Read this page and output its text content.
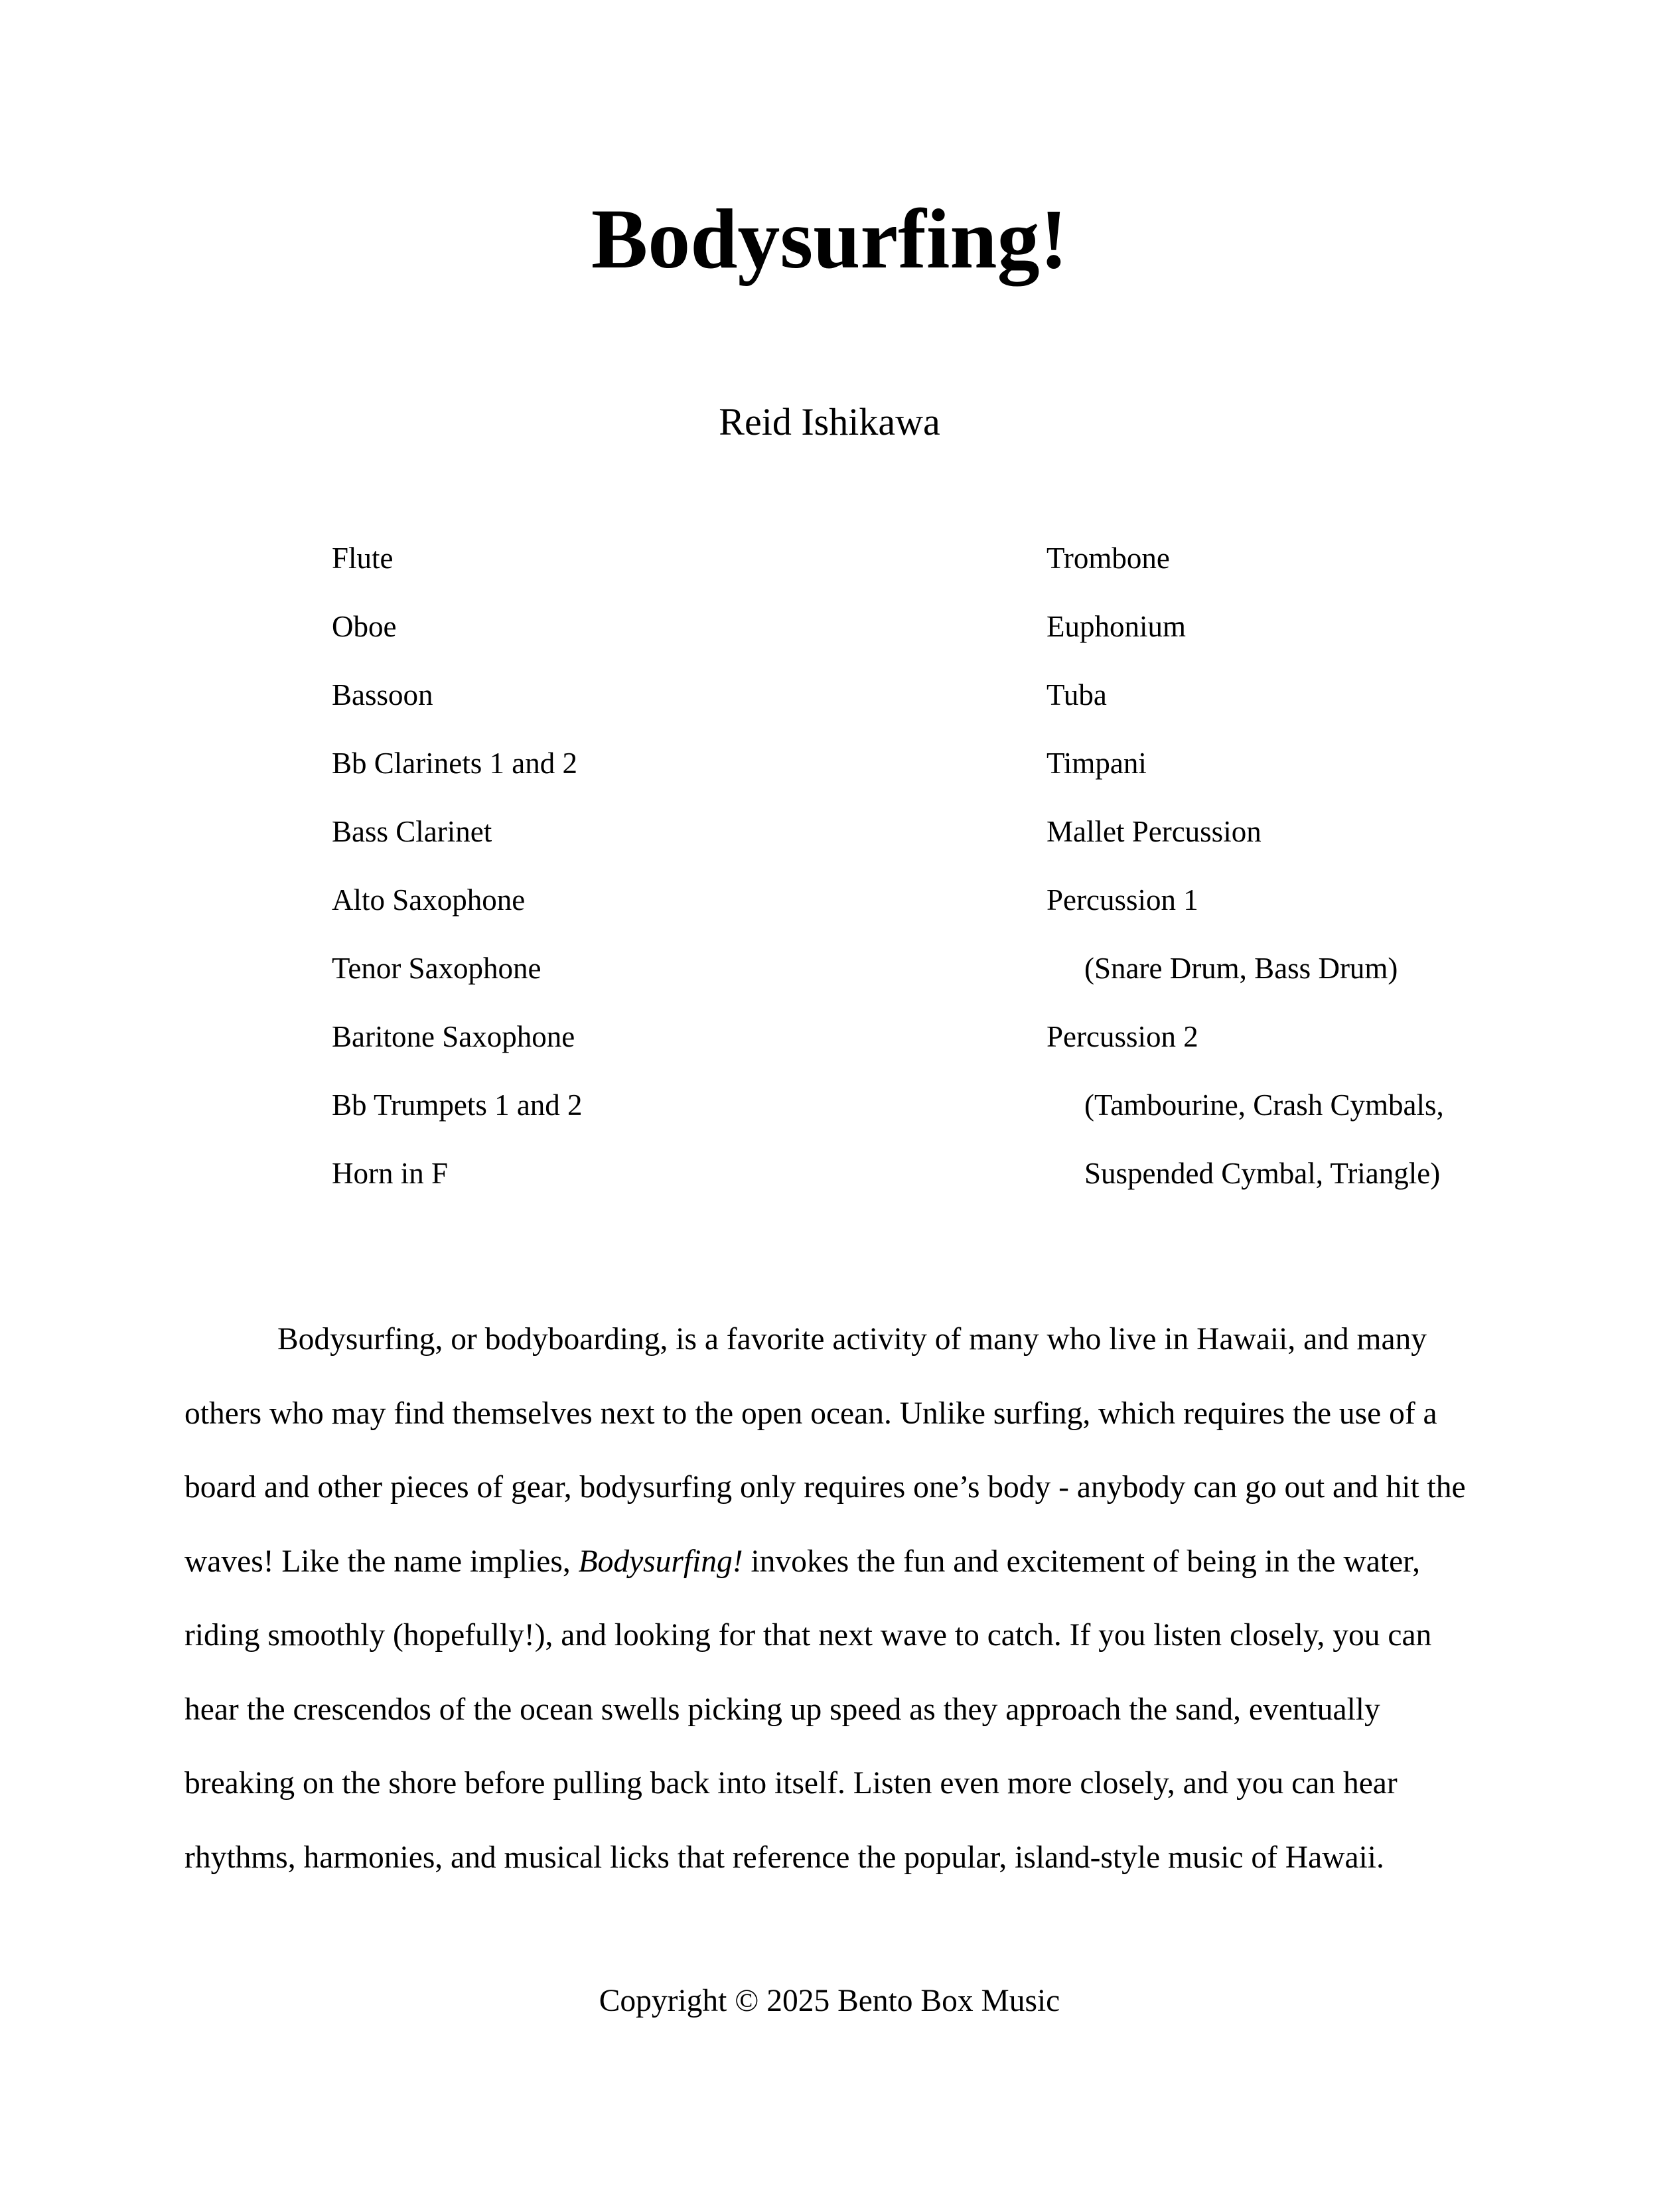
Bodysurfing!

Reid Ishikawa

Flute
Oboe
Bassoon
Bb Clarinets 1 and 2
Bass Clarinet
Alto Saxophone
Tenor Saxophone
Baritone Saxophone
Bb Trumpets 1 and 2
Horn in F
Trombone
Euphonium
Tuba
Timpani
Mallet Percussion
Percussion 1
(Snare Drum, Bass Drum)
Percussion 2
(Tambourine, Crash Cymbals,
Suspended Cymbal, Triangle)
Bodysurfing, or bodyboarding, is a favorite activity of many who live in Hawaii, and many
others who may find themselves next to the open ocean. Unlike surfing, which requires the use of a
board and other pieces of gear, bodysurfing only requires one’s body - anybody can go out and hit the
waves! Like the name implies, Bodysurfing! invokes the fun and excitement of being in the water,
riding smoothly (hopefully!), and looking for that next wave to catch. If you listen closely, you can
hear the crescendos of the ocean swells picking up speed as they approach the sand, eventually
breaking on the shore before pulling back into itself. Listen even more closely, and you can hear
rhythms, harmonies, and musical licks that reference the popular, island-style music of Hawaii.

Copyright © 2025 Bento Box Music
